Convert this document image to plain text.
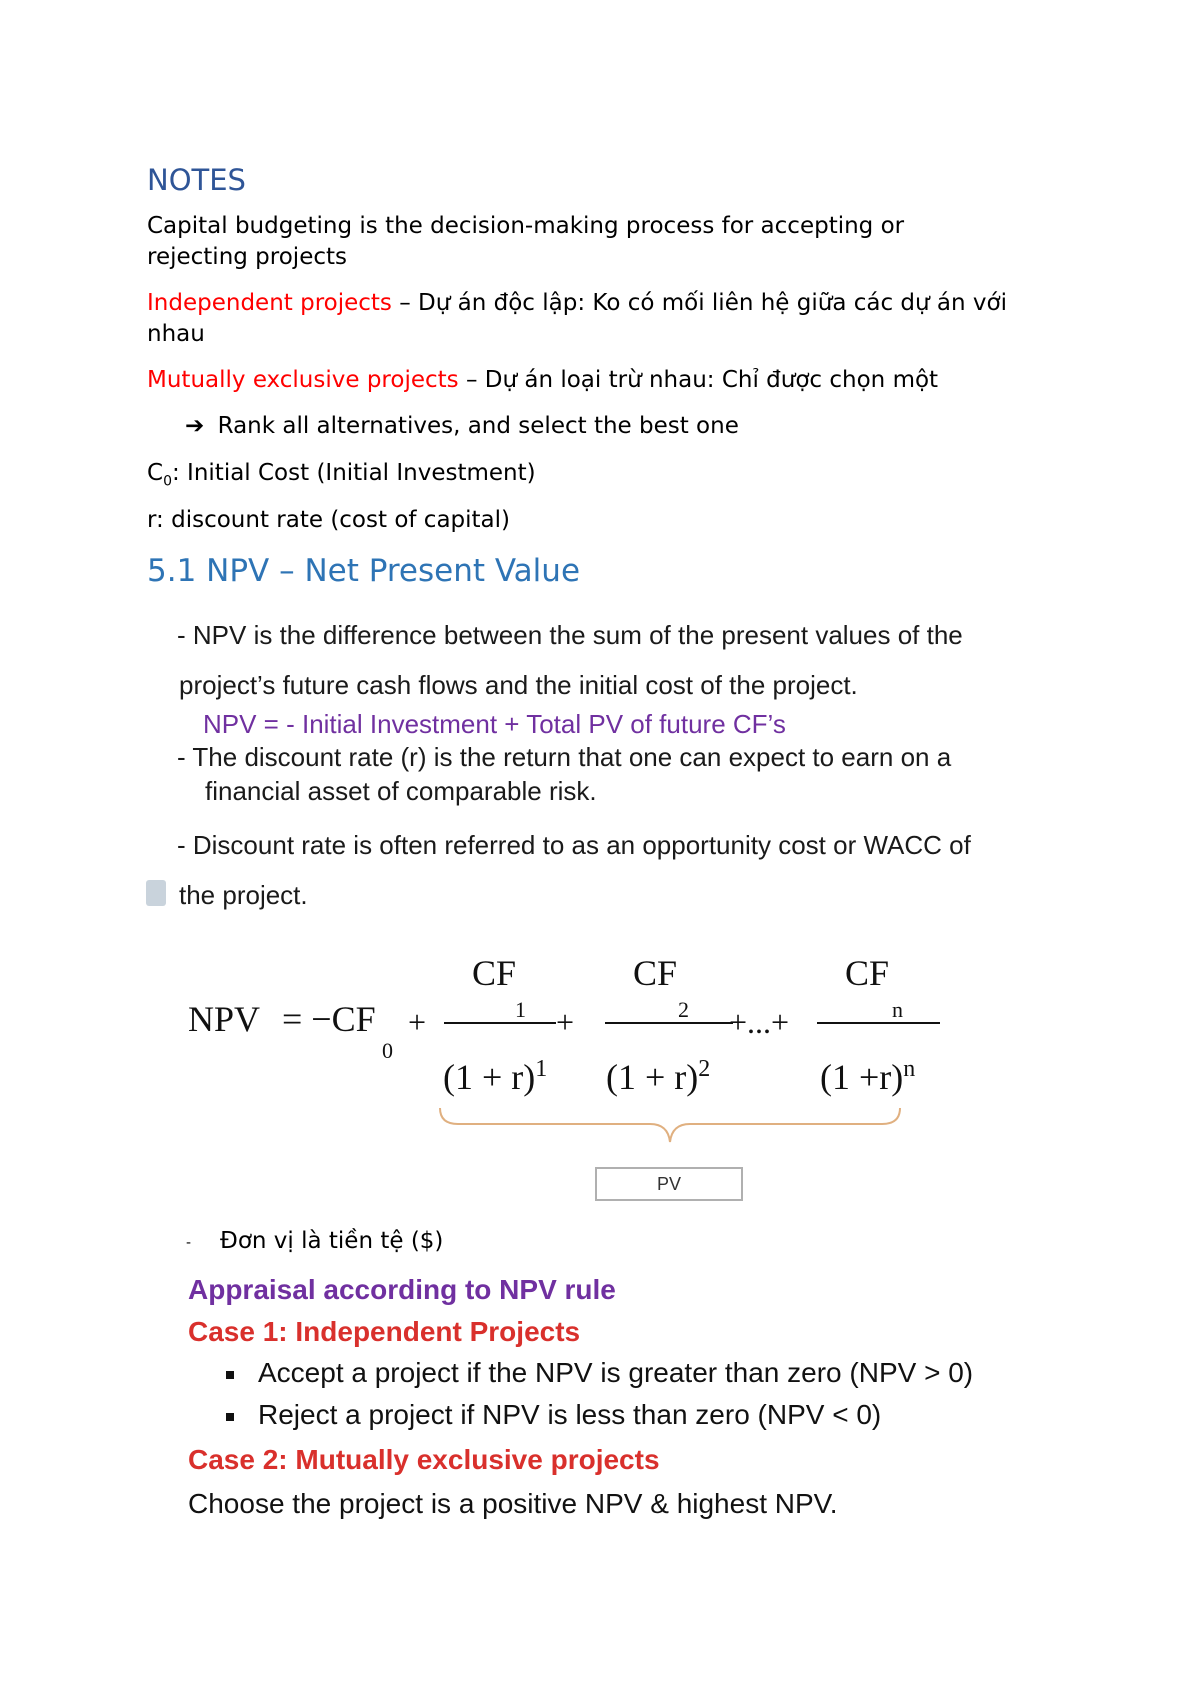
NOTES
Capital budgeting is the decision-making process for accepting or
rejecting projects
Independent projects – Dự án độc lập: Ko có mối liên hệ giữa các dự án với
nhau
Mutually exclusive projects – Dự án loại trừ nhau: Chỉ được chọn một
➔ Rank all alternatives, and select the best one
$C_0$: Initial Cost (Initial Investment)
r: discount rate (cost of capital)
5.1 NPV – Net Present Value
- NPV is the difference between the sum of the present values of the
project’s future cash flows and the initial cost of the project.
NPV = - Initial Investment + Total PV of future CF’s
- The discount rate (r) is the return that one can expect to earn on a
financial asset of comparable risk.
- Discount rate is often referred to as an opportunity cost or WACC of
the project.
NPV = −CF
0
+
CF
1 +
$(1 + r)^1$
CF
2 +...+
$(1 + r)^2$
CF
n
$(1 +r)^n$
PV
- Đơn vị là tiền tệ ($)
Appraisal according to NPV rule
Case 1: Independent Projects
Accept a project if the NPV is greater than zero (NPV > 0)
Reject a project if NPV is less than zero (NPV < 0)
Case 2: Mutually exclusive projects
Choose the project is a positive NPV & highest NPV.
